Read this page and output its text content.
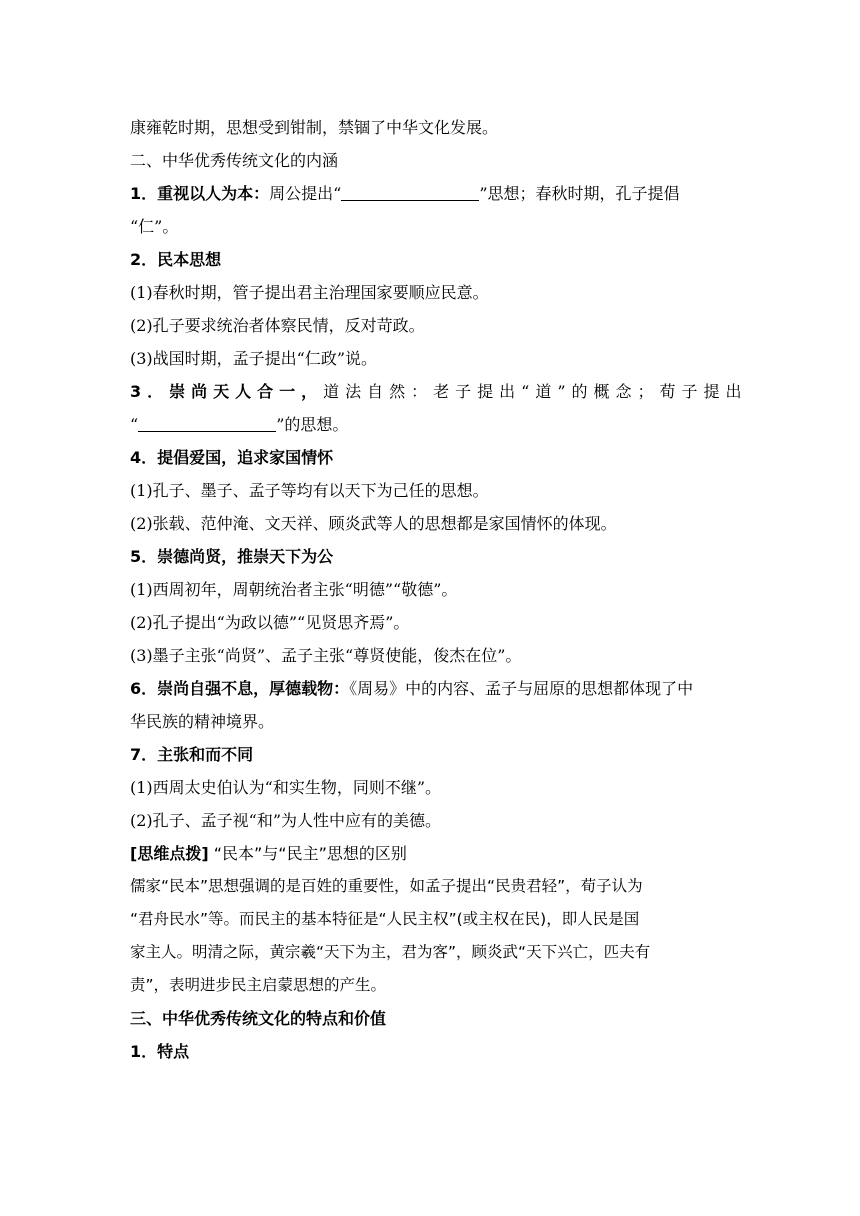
康雍乾时期，思想受到钳制，禁锢了中华文化发展。
二、中华优秀传统文化的内涵
1．重视以人为本：周公提出“	”思想；春秋时期，孔子提倡
“仁”。
2．民本思想
(1)春秋时期，管子提出君主治理国家要顺应民意。
(2)孔子要求统治者体察民情，反对苛政。
(3)战国时期，孟子提出“仁政”说。
3．崇尚天人合一，道法自然：老子提出“道”的概念；荀子提出
“	”的思想。
4．提倡爱国，追求家国情怀
(1)孔子、墨子、孟子等均有以天下为己任的思想。
(2)张载、范仲淹、文天祥、顾炎武等人的思想都是家国情怀的体现。
5．崇德尚贤，推崇天下为公
(1)西周初年，周朝统治者主张“明德”“敬德”。
(2)孔子提出“为政以德”“见贤思齐焉”。
(3)墨子主张“尚贤”、孟子主张“尊贤使能，俊杰在位”。
6．崇尚自强不息，厚德载物：《周易》中的内容、孟子与屈原的思想都体现了中
华民族的精神境界。
7．主张和而不同
(1)西周太史伯认为“和实生物，同则不继”。
(2)孔子、孟子视“和”为人性中应有的美德。
[思维点拨] “民本”与“民主”思想的区别
儒家“民本”思想强调的是百姓的重要性，如孟子提出“民贵君轻”，荀子认为
“君舟民水”等。而民主的基本特征是“人民主权”(或主权在民)，即人民是国
家主人。明清之际，黄宗羲“天下为主，君为客”，顾炎武“天下兴亡，匹夫有
责”，表明进步民主启蒙思想的产生。
三、中华优秀传统文化的特点和价值
1．特点
